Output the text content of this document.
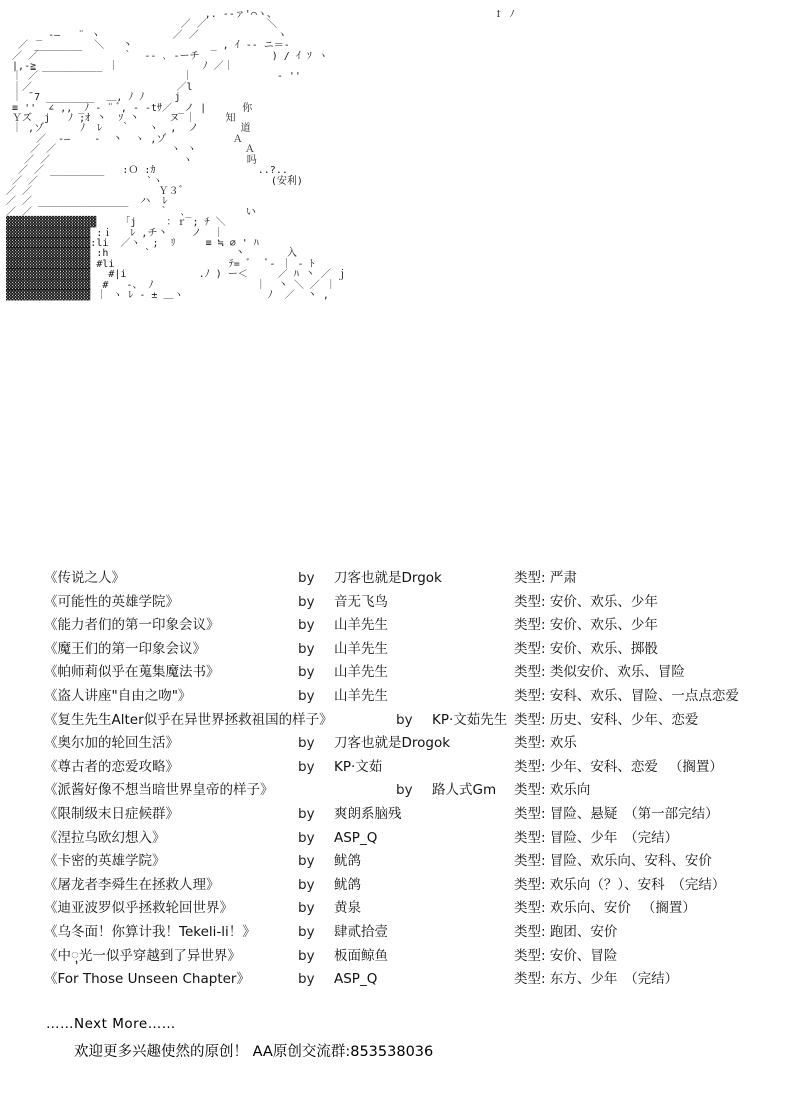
,. -‐ァ'⌒ヽ、                                    ｆ ﾉ
／ ／          ＼
_ -―   ¨ ヽ            ／ ／             ヽ
／ ________  ＼   丶             _ , ｲ -‐ ニ＝-
／ ／              ｀  ‐- ､ -ーチ            ) / ｲ ｿ ヽ
|,-≧ __________ ｜              ﾉ ／｜
｜ ／                        ｜              ‐ ''
｜／                        ／l
｜ ¯7 ________  ＿, ﾉ ﾉ     j
≡ ''  ∠ ,, _ﾉ ‐ ¨ ﾞ, - ‐tｻ／ _ノ |      你
Ｙズ  j   ﾉ ;ｵ 丶  ｿ 丶     ヌ ｜     知
｜ ,ゾ      ﾉ  ﾚ   ｀   ヽ  ,  ノ       道
／  -―    ‐  丶  ヽ ,ゾ           Ａ
／ ／                   ヽ ヽ        Ａ
／ ／                      ヽ         吗
／ ／ _________   :Ｏ :ｶ                 ..?..
／ ／                  `ヽ                  (安利)
／ ／                     Ｙ３゛
／ ／ _______________  ハ  ﾚ
／ ／                     ｀  ､_         い
▓▓▓▓▓▓▓▓▓▓▓▓▓▓▓    「j     ：ｒ ; ﾁ ＼
▓▓▓▓▓▓▓▓▓▓▓▓▓▓ :ｉ   ﾚ ,チ丶    ノ  ｜
▓▓▓▓▓▓▓▓▓▓▓▓▓▓:li  ／ヽ  ;  ﾘ     ≡ ≒ ∅ ' ﾊ
▓▓▓▓▓▓▓▓▓▓▓▓▓▓ :h      `              丶       入
▓▓▓▓▓▓▓▓▓▓▓▓▓▓ #li                   ﾃ= ゛  ﾞ‐ ｜ - ﾄ
▓▓▓▓▓▓▓▓▓▓▓▓▓▓   #|i            .ﾉ ) ー＜     ／ ﾊ 丶 ／ ｊ
▓▓▓▓▓▓▓▓▓▓▓▓▓▓  #   -、 ﾉ                 ｜  丶 ＼ ／ ｜
▓▓▓▓▓▓▓▓▓▓▓▓▓▓ ｜ ヽ ﾚ - ± ＿ヽ              ﾉ  ／  丶 ,
《传说之人》	by	刀客也就是Drgok	类型: 严肃
《可能性的英雄学院》	by	音无飞鸟	类型: 安价、欢乐、少年
《能力者们的第一印象会议》	by	山羊先生	类型: 安价、欢乐、少年
《魔王们的第一印象会议》	by	山羊先生	类型: 安价、欢乐、掷骰
《帕师莉似乎在蒐集魔法书》	by	山羊先生	类型: 类似安价、欢乐、冒险
《盗人讲座"自由之吻"》	by	山羊先生	类型: 安科、欢乐、冒险、一点点恋爱
《复生先生Alter似乎在异世界拯救祖国的样子》	by	KP·文茹先生 类型: 历史、安科、少年、恋爱
《奥尔加的轮回生活》	by	刀客也就是Drogok	类型: 欢乐
《尊古者的恋爱攻略》	by	KP·文茹	类型: 少年、安科、恋爱 　（搁置）
《派酱好像不想当暗世界皇帝的样子》	by	路人式Gm	类型: 欢乐向
《限制级末日症候群》	by	爽朗系脑残	类型: 冒险、悬疑　（第一部完结）
《涅拉乌欧幻想入》	by	ASP_Q	类型: 冒险、少年　（完结）
《卡密的英雄学院》	by	鱿鸽	类型: 冒险、欢乐向、安科、安价
《屠龙者李舜生在拯救人理》	by	鱿鸽	类型: 欢乐向（？）、安科　（完结）
《迪亚波罗似乎拯救轮回世界》	by	黄泉	类型: 欢乐向、安价 　（搁置）
《乌冬面！你算计我！Tekeli-li！》	by	肆贰拾壹	类型: 跑团、安价
《中ុ光一似乎穿越到了异世界》	by	板面鲸鱼	类型: 安价、冒险
《For Those Unseen Chapter》	by	ASP_Q	类型: 东方、少年　（完结）
……Next More……
欢迎更多兴趣使然的原创！ AA原创交流群:853538036
